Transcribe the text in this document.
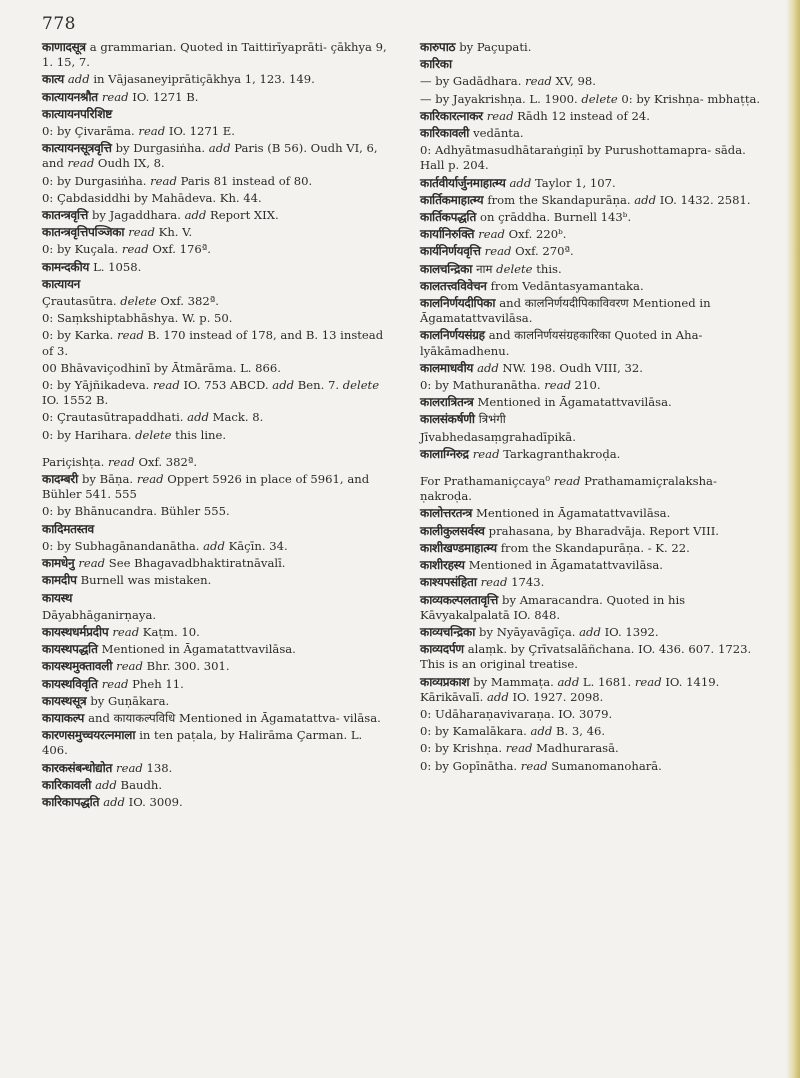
778
काणादसूत्र a grammarian. Quoted in Taittirīyaprāti- çākhya 9, 1. 15, 7.
कात्य add in Vājasaneyiprātiçākhya 1, 123. 149.
कात्यायनश्रौत read IO. 1271 B.
कात्यायनपरिशिष्ट
0: by Çivarāma. read IO. 1271 E.
कात्यायनसूत्रवृत्ति by Durgasiṅha. add Paris (B 56). Oudh VI, 6, and read Oudh IX, 8.
0: by Durgasiṅha. read Paris 81 instead of 80.
0: Çabdasiddhi by Mahādeva. Kh. 44.
कातन्त्रवृत्ति by Jagaddhara. add Report XIX.
कातन्त्रवृत्तिपञ्जिका read Kh. V.
0: by Kuçala. read Oxf. 176ª.
कामन्दकीय L. 1058.
कात्यायन
Çrautasūtra. delete Oxf. 382ª.
0: Saṃkshiptabhāshya. W. p. 50.
0: by Karka. read B. 170 instead of 178, and B. 13 instead of 3.
00 Bhāvaviçodhinī by Ātmārāma. L. 866.
0: by Yājñikadeva. read IO. 753 ABCD. add Ben. 7. delete IO. 1552 B.
0: Çrautasūtrapaddhati. add Mack. 8.
0: by Harihara. delete this line.
Pariçishṭa. read Oxf. 382ª.
कादम्बरी by Bāṇa. read Oppert 5926 in place of 5961, and Bühler 541. 555
0: by Bhānucandra. Bühler 555.
कादिमतस्तव
0: by Subhagānandanātha. add Kāçīn. 34.
कामधेनु read See Bhagavadbhaktiratnāvalī.
कामदीप Burnell was mistaken.
कायस्थ
Dāyabhāganirṇaya.
कायस्थधर्मप्रदीप read Kaṭm. 10.
कायस्थपद्धति Mentioned in Āgamatattvavilāsa.
कायस्थमुक्तावली read Bhr. 300. 301.
कायस्थविवृति read Pheh 11.
कायस्थसूत्र by Guṇākara.
कायाकल्प and कायाकल्पविधि Mentioned in Āgamatattva- vilāsa.
कारणसमुच्चयरत्नमाला in ten paṭala, by Halirāma Çarman. L. 406.
कारकसंबन्धोद्योत read 138.
कारिकावली add Baudh.
कारिकापद्धति add IO. 3009.
कारुपाठ by Paçupati.
कारिका
— by Gadādhara. read XV, 98.
— by Jayakrishṇa. L. 1900. delete 0: by Krishṇa- mbhaṭṭa.
कारिकारत्नाकर read Rādh 12 instead of 24.
कारिकावली vedānta.
0: Adhyātmasudhātaraṅgiṇī by Purushottamapra- sāda. Hall p. 204.
कार्तवीर्यार्जुनमाहात्म्य add Taylor 1, 107.
कार्तिकमाहात्म्य from the Skandapurāṇa. add IO. 1432. 2581.
कार्तिकपद्धति on çrāddha. Burnell 143ᵇ.
कार्यानिरुक्ति read Oxf. 220ᵇ.
कार्यनिर्णयवृत्ति read Oxf. 270ª.
कालचन्द्रिका नाम delete this.
कालतत्त्वविवेचन from Vedāntasyamantaka.
कालनिर्णयदीपिका and कालनिर्णयदीपिकाविवरण Mentioned in Āgamatattvavilāsa.
कालनिर्णयसंग्रह and कालनिर्णयसंग्रहकारिका Quoted in Aha- lyākāmadhenu.
कालमाधवीय add NW. 198. Oudh VIII, 32.
0: by Mathuranātha. read 210.
कालरात्रितन्त्र Mentioned in Āgamatattvavilāsa.
कालसंकर्षणी त्रिभंगी
Jīvabhedasaṃgrahadīpikā.
कालाग्निरुद्र read Tarkagranthakroḍa.
For Prathamaniçcaya⁰ read Prathamamiçralaksha- ṇakroḍa.
कालोत्तरतन्त्र Mentioned in Āgamatattvavilāsa.
कालीकुलसर्वस्व prahasana, by Bharadvāja. Report VIII.
काशीखण्डमाहात्म्य from the Skandapurāṇa. - K. 22.
काशीरहस्य Mentioned in Āgamatattvavilāsa.
काश्यपसंहिता read 1743.
काव्यकल्पलतावृत्ति by Amaracandra. Quoted in his Kāvyakalpalatā IO. 848.
काव्यचन्द्रिका by Nyāyavāgīça. add IO. 1392.
काव्यदर्पण alaṃk. by Çrīvatsalāñchana. IO. 436. 607. 1723. This is an original treatise.
काव्यप्रकाश by Mammaṭa. add L. 1681. read IO. 1419. Kārikāvalī. add IO. 1927. 2098.
0: Udāharaṇavivaraṇa. IO. 3079.
0: by Kamalākara. add B. 3, 46.
0: by Krishṇa. read Madhurarasā.
0: by Gopīnātha. read Sumanomanoharā.
